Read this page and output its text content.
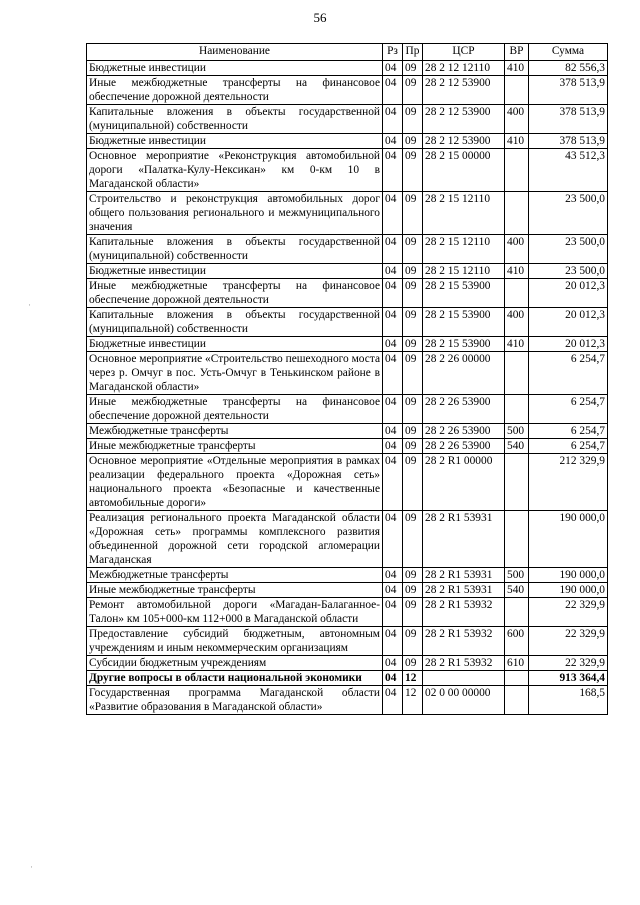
56
Наименование	Рз	Пр	ЦСР	ВР	Сумма
Бюджетные инвестиции	04	09	28 2 12 12110	410	82 556,3
Иные межбюджетные трансферты на финансовое обеспечение дорожной деятельности	04	09	28 2 12 53900		378 513,9
Капитальные вложения в объекты государственной (муниципальной) собственности	04	09	28 2 12 53900	400	378 513,9
Бюджетные инвестиции	04	09	28 2 12 53900	410	378 513,9
Основное мероприятие «Реконструкция автомобильной дороги «Палатка-Кулу-Нексикан» км 0-км 10 в Магаданской области»	04	09	28 2 15 00000		43 512,3
Строительство и реконструкция автомобильных дорог общего пользования регионального и межмуниципального значения	04	09	28 2 15 12110		23 500,0
Капитальные вложения в объекты государственной (муниципальной) собственности	04	09	28 2 15 12110	400	23 500,0
Бюджетные инвестиции	04	09	28 2 15 12110	410	23 500,0
Иные межбюджетные трансферты на финансовое обеспечение дорожной деятельности	04	09	28 2 15 53900		20 012,3
Капитальные вложения в объекты государственной (муниципальной) собственности	04	09	28 2 15 53900	400	20 012,3
Бюджетные инвестиции	04	09	28 2 15 53900	410	20 012,3
Основное мероприятие «Строительство пешеходного моста через р. Омчуг в пос. Усть-Омчуг в Тенькинском районе в Магаданской области»	04	09	28 2 26 00000		6 254,7
Иные межбюджетные трансферты на финансовое обеспечение дорожной деятельности	04	09	28 2 26 53900		6 254,7
Межбюджетные трансферты	04	09	28 2 26 53900	500	6 254,7
Иные межбюджетные трансферты	04	09	28 2 26 53900	540	6 254,7
Основное мероприятие «Отдельные мероприятия в рамках реализации федерального проекта «Дорожная сеть» национального проекта «Безопасные и качественные автомобильные дороги»	04	09	28 2 R1 00000		212 329,9
Реализация регионального проекта Магаданской области «Дорожная сеть» программы комплексного развития объединенной дорожной сети городской агломерации Магаданская	04	09	28 2 R1 53931		190 000,0
Межбюджетные трансферты	04	09	28 2 R1 53931	500	190 000,0
Иные межбюджетные трансферты	04	09	28 2 R1 53931	540	190 000,0
Ремонт автомобильной дороги «Магадан-Балаганное-Талон» км 105+000-км 112+000 в Магаданской области	04	09	28 2 R1 53932		22 329,9
Предоставление субсидий бюджетным, автономным учреждениям и иным некоммерческим организациям	04	09	28 2 R1 53932	600	22 329,9
Субсидии бюджетным учреждениям	04	09	28 2 R1 53932	610	22 329,9
Другие вопросы в области национальной экономики	04	12			913 364,4
Государственная программа Магаданской области «Развитие образования в Магаданской области»	04	12	02 0 00 00000		168,5
·
·
